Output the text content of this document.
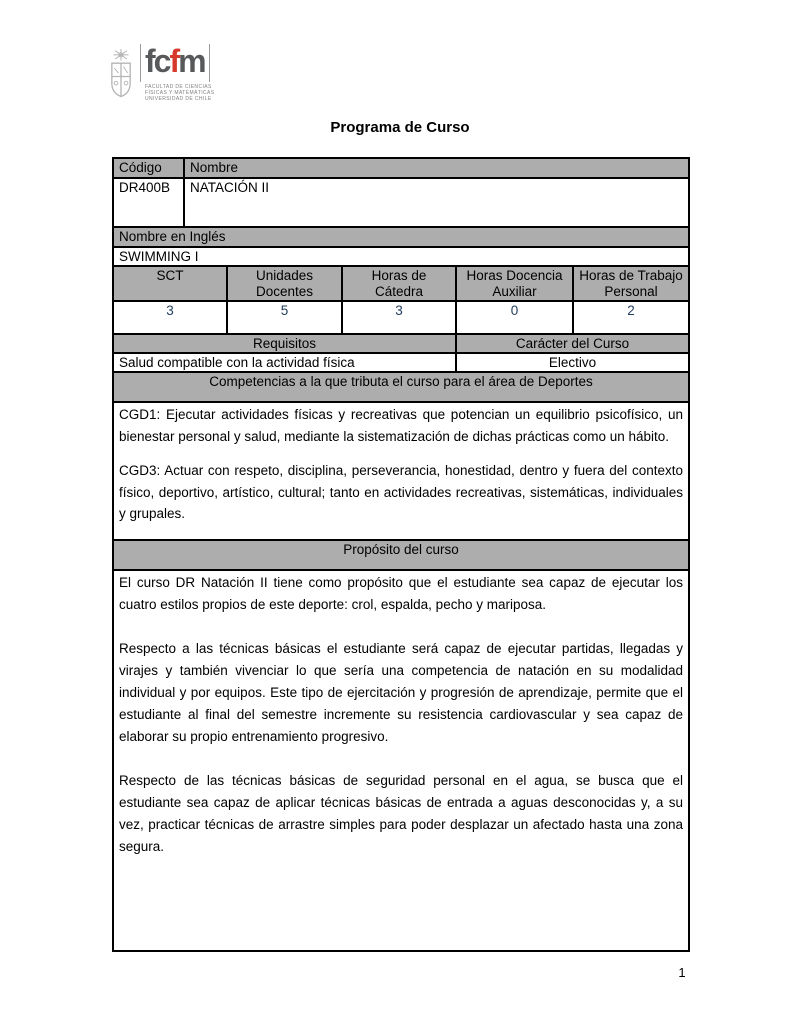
fcfm
FACULTAD DE CIENCIAS
FÍSICAS Y MATEMÁTICAS
UNIVERSIDAD DE CHILE
Programa de Curso
Código	Nombre				
DR400B	NATACIÓN II				
Nombre en Inglés					
SWIMMING I					
SCT		Unidades Docentes	Horas de Cátedra	Horas Docencia Auxiliar	Horas de Trabajo Personal
3		5	3	0	2
Requisitos				Carácter del Curso	
Salud compatible con la actividad física				Electivo	
Competencias a la que tributa el curso para el área de Deportes					

CGD1: Ejecutar actividades físicas y recreativas que potencian un equilibrio psicofísico, un bienestar personal y salud, mediante la sistematización de dichas prácticas como un hábito.

CGD3: Actuar con respeto, disciplina, perseverancia, honestidad, dentro y fuera del contexto físico, deportivo, artístico, cultural; tanto en actividades recreativas, sistemáticas, individuales y grupales.					

Propósito del curso					

El curso DR Natación II tiene como propósito que el estudiante sea capaz de ejecutar los cuatro estilos propios de este deporte: crol, espalda, pecho y mariposa.

Respecto a las técnicas básicas el estudiante será capaz de ejecutar partidas, llegadas y virajes y también vivenciar lo que sería una competencia de natación en su modalidad individual y por equipos. Este tipo de ejercitación y progresión de aprendizaje, permite que el estudiante al final del semestre incremente su resistencia cardiovascular y sea capaz de elaborar su propio entrenamiento progresivo.

Respecto de las técnicas básicas de seguridad personal en el agua, se busca que el estudiante sea capaz de aplicar técnicas básicas de entrada a aguas desconocidas y, a su vez, practicar técnicas de arrastre simples para poder desplazar un afectado hasta una zona segura.					

1
